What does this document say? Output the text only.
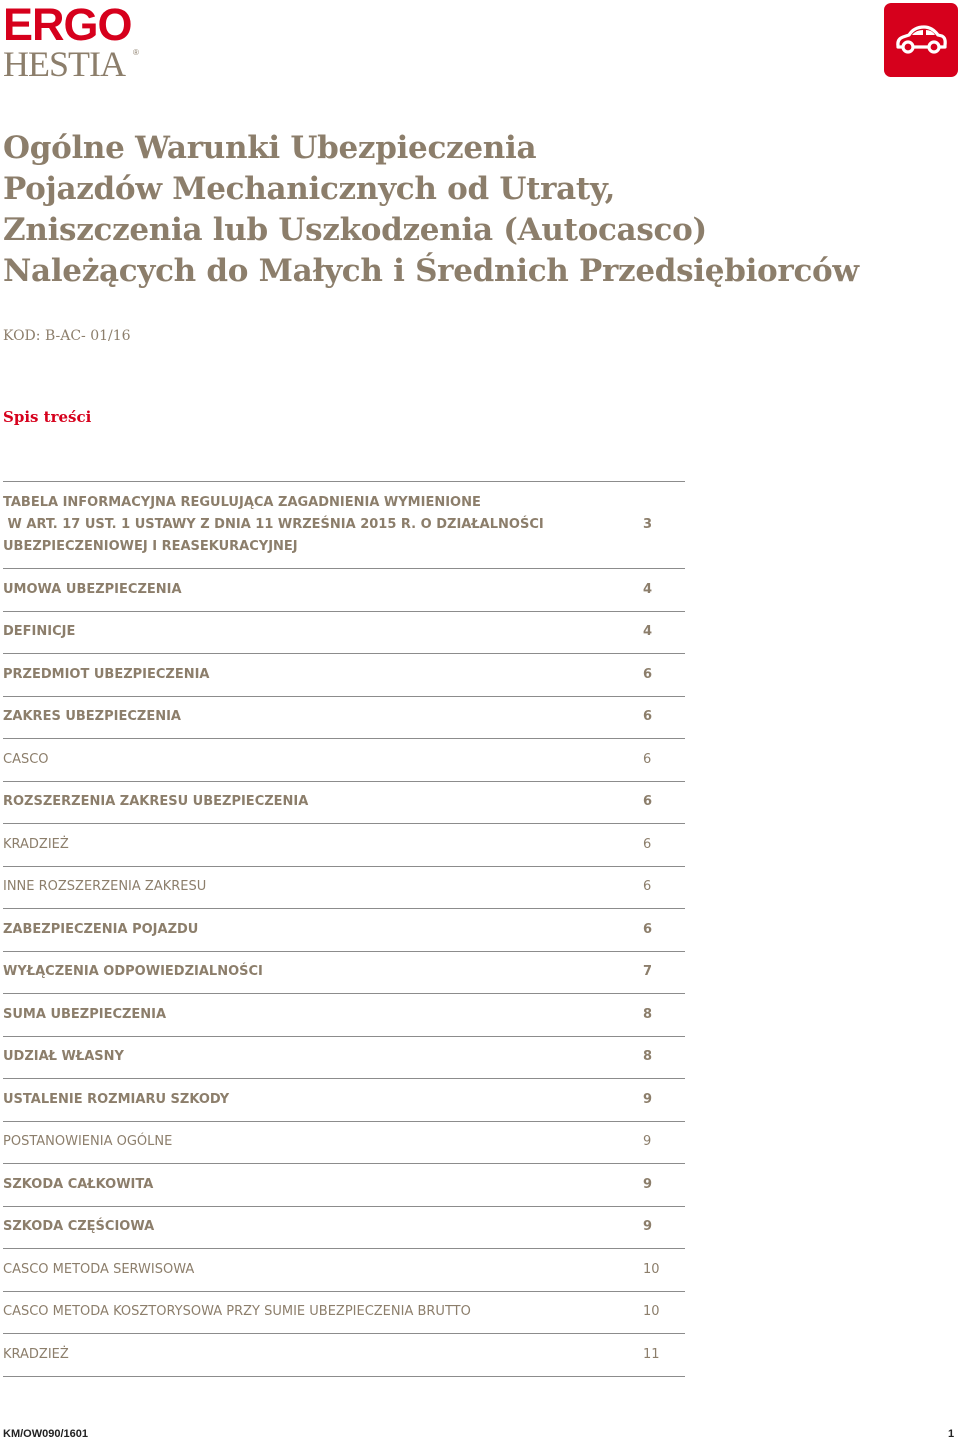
ERGO
HESTIA ®
Ogólne Warunki Ubezpieczenia
Pojazdów Mechanicznych od Utraty,
Zniszczenia lub Uszkodzenia (Autocasco)
Należących do Małych i Średnich Przedsiębiorców
KOD: B-AC- 01/16
Spis treści
TABELA INFORMACYJNA REGULUJĄCA ZAGADNIENIA WYMIENIONE
W ART. 17 UST. 1 USTAWY Z DNIA 11 WRZEŚNIA 2015 R. O DZIAŁALNOŚCI
UBEZPIECZENIOWEJ I REASEKURACYJNEJ
3
UMOWA UBEZPIECZENIA	4
DEFINICJE	4
PRZEDMIOT UBEZPIECZENIA	6
ZAKRES UBEZPIECZENIA	6
CASCO	6
ROZSZERZENIA ZAKRESU UBEZPIECZENIA	6
KRADZIEŻ	6
INNE ROZSZERZENIA ZAKRESU	6
ZABEZPIECZENIA POJAZDU	6
WYŁĄCZENIA ODPOWIEDZIALNOŚCI	7
SUMA UBEZPIECZENIA	8
UDZIAŁ WŁASNY	8
USTALENIE ROZMIARU SZKODY	9
POSTANOWIENIA OGÓLNE	9
SZKODA CAŁKOWITA	9
SZKODA CZĘŚCIOWA	9
CASCO METODA SERWISOWA	10
CASCO METODA KOSZTORYSOWA PRZY SUMIE UBEZPIECZENIA BRUTTO	10
KRADZIEŻ	11
KM/OW090/1601	1
